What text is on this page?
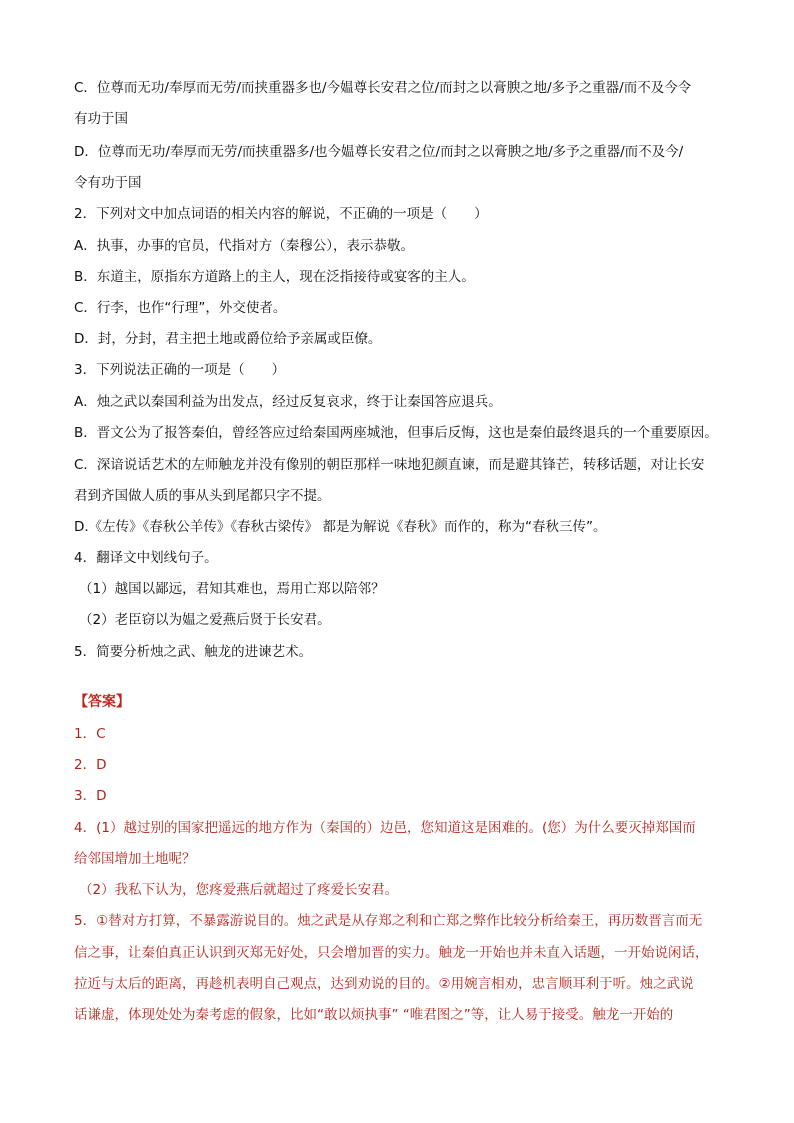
C．位尊而无功/奉厚而无劳/而挟重器多也/今媪尊长安君之位/而封之以膏腴之地/多予之重器/而不及今令
有功于国
D．位尊而无功/奉厚而无劳/而挟重器多/也今媪尊长安君之位/而封之以膏腴之地/多予之重器/而不及今/
令有功于国
2．下列对文中加点词语的相关内容的解说，不正确的一项是（　　）
A．执事，办事的官员，代指对方（秦穆公），表示恭敬。
B．东道主，原指东方道路上的主人，现在泛指接待或宴客的主人。
C．行李，也作“行理”，外交使者。
D．封，分封，君主把土地或爵位给予亲属或臣僚。
3．下列说法正确的一项是（　　）
A．烛之武以秦国利益为出发点，经过反复哀求，终于让秦国答应退兵。
B．晋文公为了报答秦伯，曾经答应过给秦国两座城池，但事后反悔，这也是秦伯最终退兵的一个重要原因。
C．深谙说话艺术的左师触龙并没有像别的朝臣那样一味地犯颜直谏，而是避其锋芒，转移话题，对让长安
君到齐国做人质的事从头到尾都只字不提。
D.《左传》《春秋公羊传》《春秋古梁传》 都是为解说《春秋》而作的，称为“春秋三传”。
4．翻译文中划线句子。
（1）越国以鄙远，君知其难也，焉用亡郑以陪邻？
（2）老臣窃以为媪之爱燕后贤于长安君。
5．简要分析烛之武、触龙的进谏艺术。
【答案】
1．C
2．D
3．D
4．(1）越过别的国家把遥远的地方作为（秦国的）边邑，您知道这是困难的。(您）为什么要灭掉郑国而
给邻国增加土地呢？
（2）我私下认为，您疼爱燕后就超过了疼爱长安君。
5．①替对方打算，不暴露游说目的。烛之武是从存郑之利和亡郑之弊作比较分析给秦王，再历数晋言而无
信之事，让秦伯真正认识到灭郑无好处，只会增加晋的实力。触龙一开始也并未直入话题，一开始说闲话，
拉近与太后的距离，再趁机表明自己观点，达到劝说的目的。②用婉言相劝，忠言顺耳利于听。烛之武说
话谦虚，体现处处为秦考虑的假象，比如“敢以烦执事” “唯君图之”等，让人易于接受。触龙一开始的
